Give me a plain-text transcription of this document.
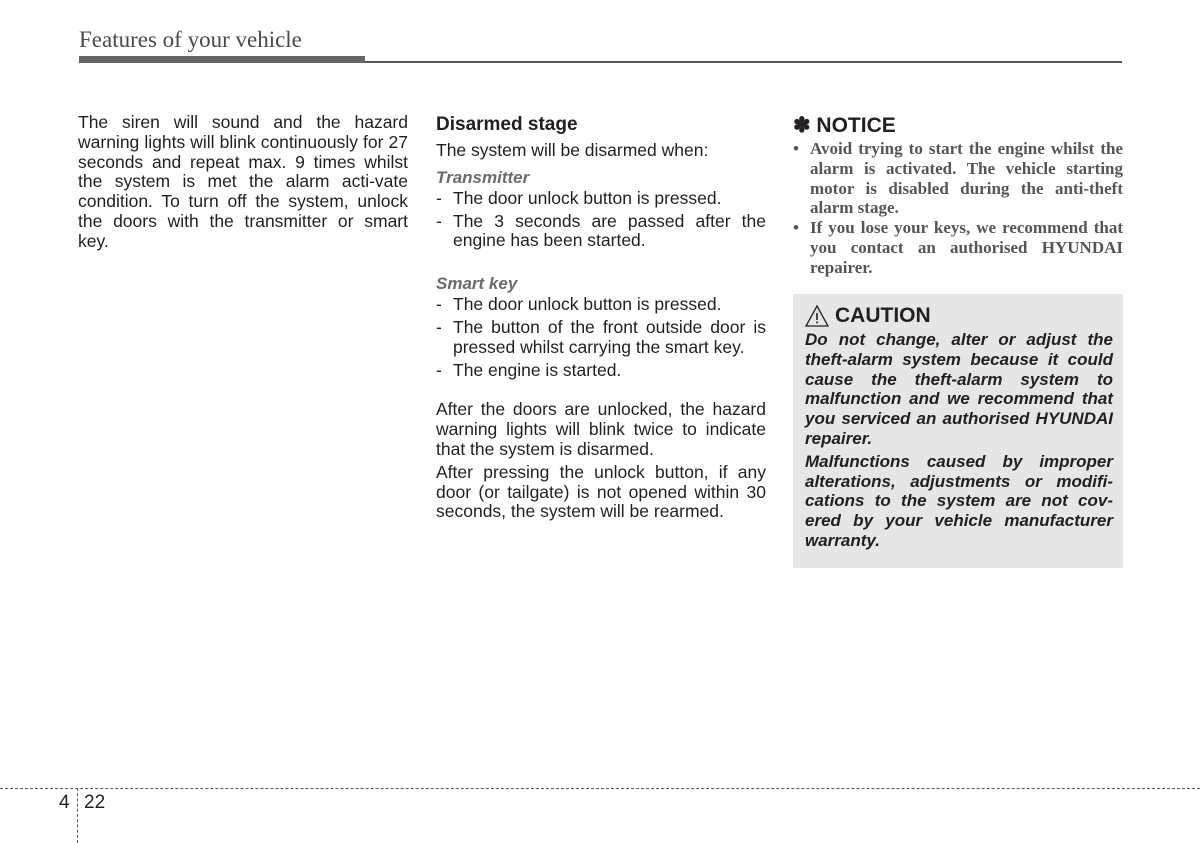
Features of your vehicle

The siren will sound and the hazard warning lights will blink continuously for 27 seconds and repeat max. 9 times whilst the system is met the alarm acti-vate condition. To turn off the system, unlock the doors with the transmitter or smart key.

Disarmed stage

The system will be disarmed when:

Transmitter

- The door unlock button is pressed.
- The 3 seconds are passed after the engine has been started.

Smart key

- The door unlock button is pressed.
- The button of the front outside door is pressed whilst carrying the smart key.
- The engine is started.

After the doors are unlocked, the hazard warning lights will blink twice to indicate that the system is disarmed.

After pressing the unlock button, if any door (or tailgate) is not opened within 30 seconds, the system will be rearmed.

✽ NOTICE
• Avoid trying to start the engine whilst the alarm is activated. The vehicle starting motor is disabled during the anti-theft alarm stage.
• If you lose your keys, we recommend that you contact an authorised HYUNDAI repairer.
CAUTION

Do not change, alter or adjust the theft-alarm system because it could cause the theft-alarm system to malfunction and we recommend that you serviced an authorised HYUNDAI repairer.

Malfunctions caused by improper alterations, adjustments or modifi-cations to the system are not cov-ered by your vehicle manufacturer warranty.

4 22
